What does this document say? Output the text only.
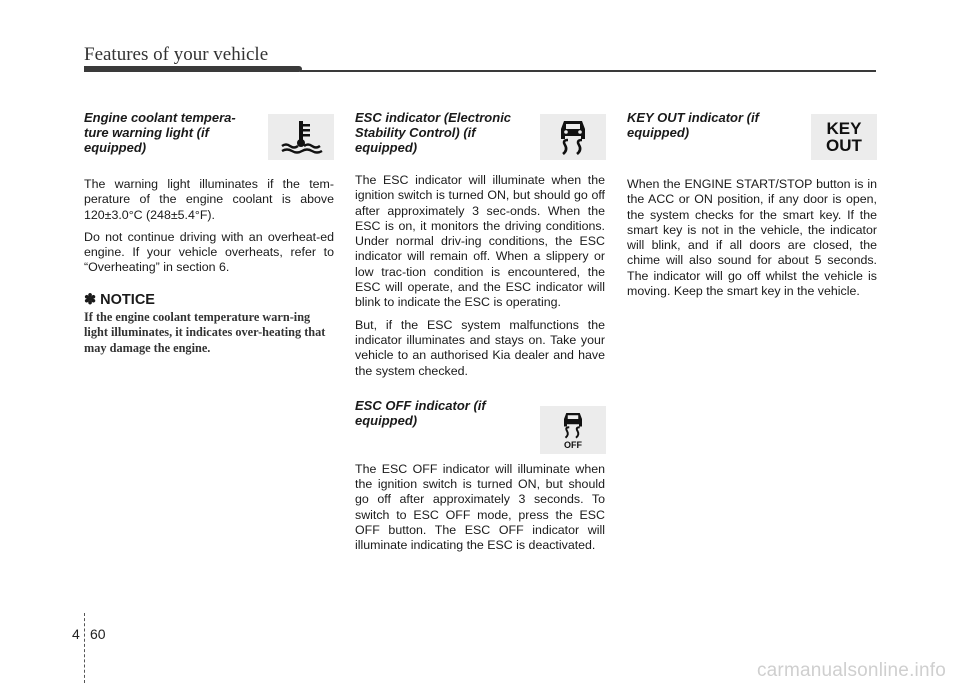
Features of your vehicle

Engine coolant tempera-ture warning light (if equipped)

The warning light illuminates if the tem-perature of the engine coolant is above 120±3.0°C (248±5.4°F).

Do not continue driving with an overheat-ed engine. If your vehicle overheats, refer to “Overheating” in section 6.

✽ NOTICE

If the engine coolant temperature warn-ing light illuminates, it indicates over-heating that may damage the engine.

ESC indicator (Electronic Stability Control) (if equipped)

The ESC indicator will illuminate when the ignition switch is turned ON, but should go off after approximately 3 sec-onds. When the ESC is on, it monitors the driving conditions. Under normal driv-ing conditions, the ESC indicator will remain off. When a slippery or low trac-tion condition is encountered, the ESC will operate, and the ESC indicator will blink to indicate the ESC is operating.

But, if the ESC system malfunctions the indicator illuminates and stays on. Take your vehicle to an authorised Kia dealer and have the system checked.

ESC OFF indicator (if equipped)

The ESC OFF indicator will illuminate when the ignition switch is turned ON, but should go off after approximately 3 seconds. To switch to ESC OFF mode, press the ESC OFF button. The ESC OFF indicator will illuminate indicating the ESC is deactivated.

OFF

KEY OUT indicator (if equipped)

When the ENGINE START/STOP button is in the ACC or ON position, if any door is open, the system checks for the smart key. If the smart key is not in the vehicle, the indicator will blink, and if all doors are closed, the chime will also sound for about 5 seconds. The indicator will go off whilst the vehicle is moving. Keep the smart key in the vehicle.

KEY
OUT
4 60
carmanualsonline.info
